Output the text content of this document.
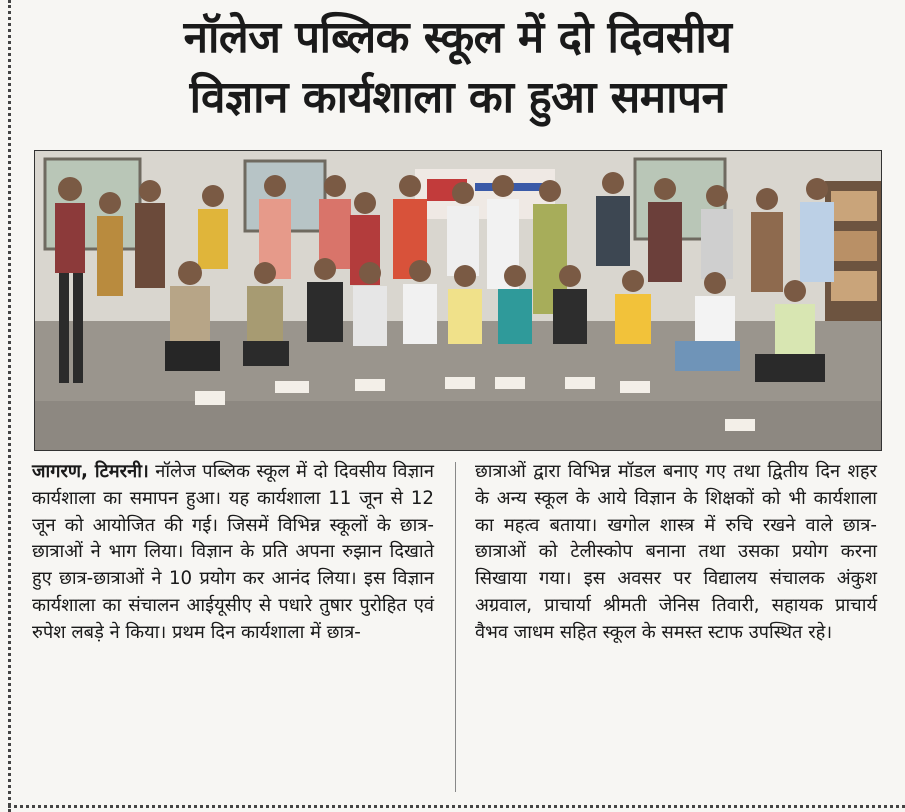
नॉलेज पब्लिक स्कूल में दो दिवसीय
विज्ञान कार्यशाला का हुआ समापन
जागरण, टिमरनी। नॉलेज पब्लिक स्कूल में दो दिवसीय विज्ञान कार्यशाला का समापन हुआ। यह कार्यशाला 11 जून से 12 जून को आयोजित की गई। जिसमें विभिन्न स्कूलों के छात्र-छात्राओं ने भाग लिया। विज्ञान के प्रति अपना रुझान दिखाते हुए छात्र-छात्राओं ने 10 प्रयोग कर आनंद लिया। इस विज्ञान कार्यशाला का संचालन आईयूसीए से पधारे तुषार पुरोहित एवं रुपेश लबड़े ने किया। प्रथम दिन कार्यशाला में छात्र-
छात्राओं द्वारा विभिन्न मॉडल बनाए गए तथा द्वितीय दिन शहर के अन्य स्कूल के आये विज्ञान के शिक्षकों को भी कार्यशाला का महत्व बताया। खगोल शास्त्र में रुचि रखने वाले छात्र-छात्राओं को टेलीस्कोप बनाना तथा उसका प्रयोग करना सिखाया गया। इस अवसर पर विद्यालय संचालक अंकुश अग्रवाल, प्राचार्या श्रीमती जेनिस तिवारी, सहायक प्राचार्य वैभव जाधम सहित स्कूल के समस्त स्टाफ उपस्थित रहे।
